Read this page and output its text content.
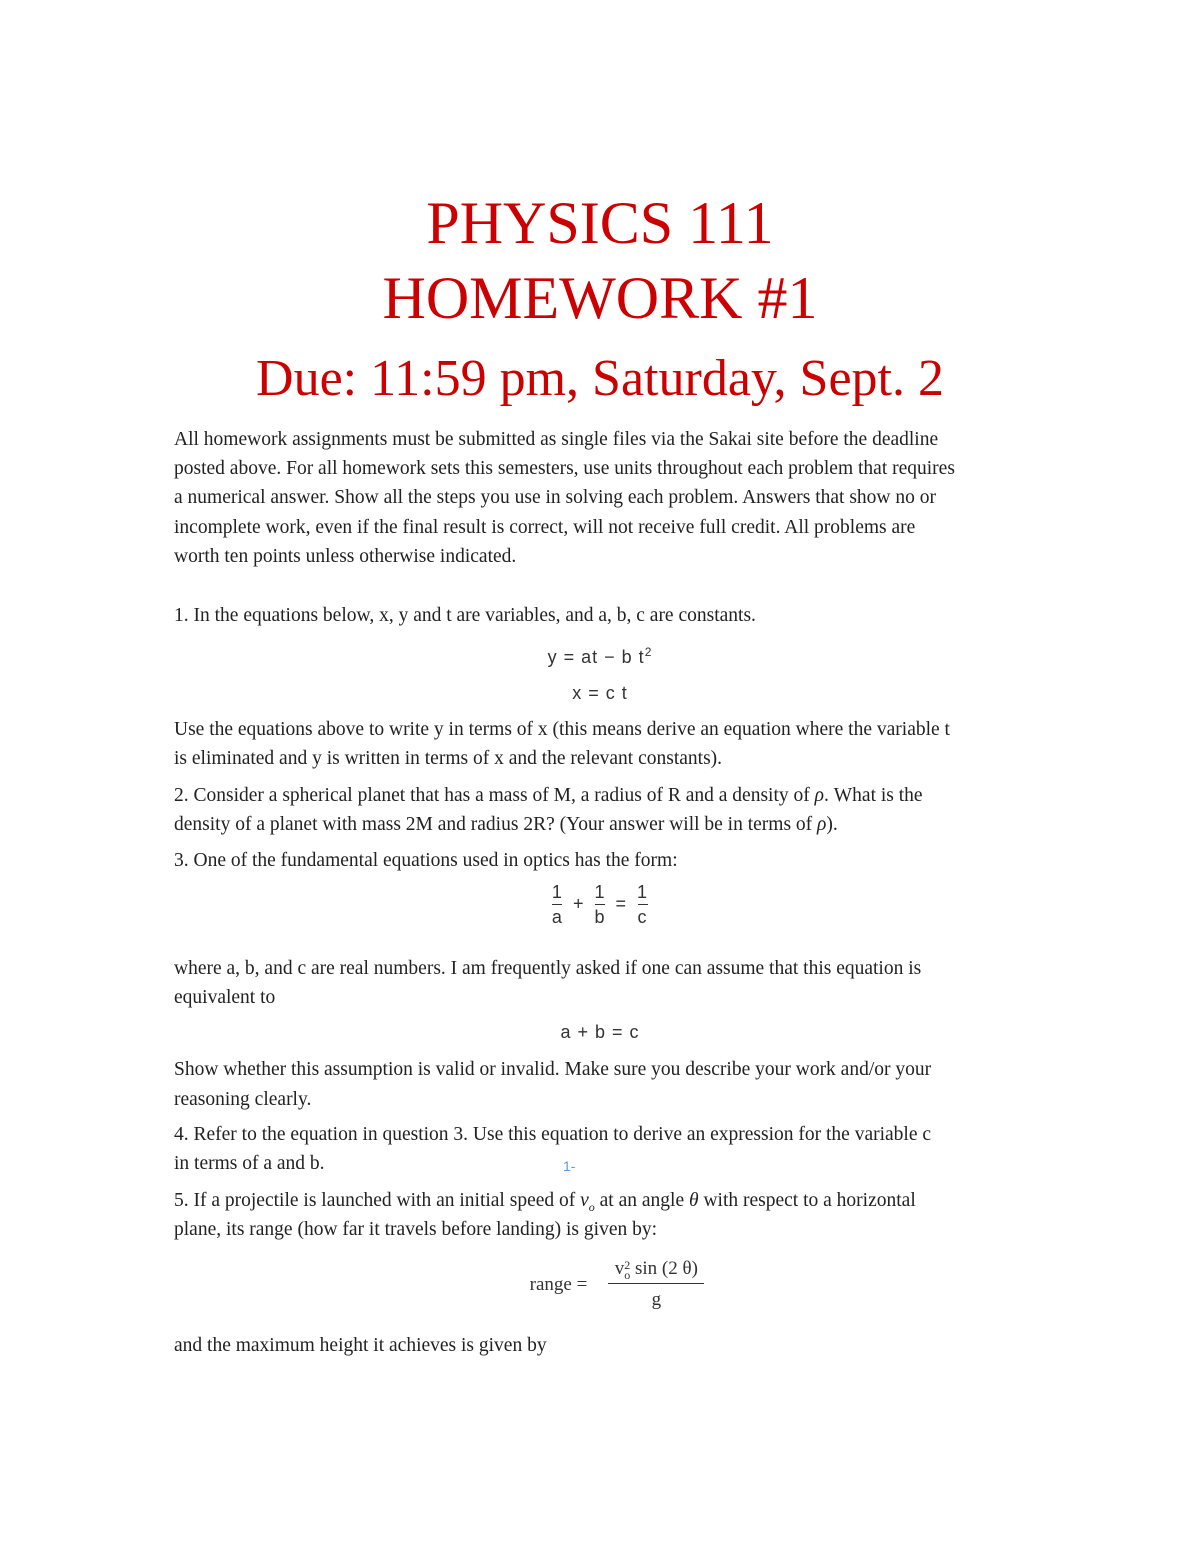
PHYSICS 111
HOMEWORK #1
Due: 11:59 pm, Saturday, Sept. 2
All homework assignments must be submitted as single files via the Sakai site before the deadline
posted above. For all homework sets this semesters, use units throughout each problem that requires
a numerical answer. Show all the steps you use in solving each problem. Answers that show no or
incomplete work, even if the final result is correct, will not receive full credit. All problems are
worth ten points unless otherwise indicated.
1. In the equations below, x, y and t are variables, and a, b, c are constants.
y = at − b $t^2$
x = c t
Use the equations above to write y in terms of x (this means derive an equation where the variable t
is eliminated and y is written in terms of x and the relevant constants).
2. Consider a spherical planet that has a mass of M, a radius of R and a density of ρ. What is the
density of a planet with mass 2M and radius 2R? (Your answer will be in terms of ρ).
3. One of the fundamental equations used in optics has the form:
$\frac{1}{a} + \frac{1}{b} = \frac{1}{c}$
where a, b, and c are real numbers. I am frequently asked if one can assume that this equation is
equivalent to
a + b = c
Show whether this assumption is valid or invalid. Make sure you describe your work and/or your
reasoning clearly.
4. Refer to the equation in question 3. Use this equation to derive an expression for the variable c
in terms of a and b.	1-
5. If a projectile is launched with an initial speed of $v_o$ at an angle θ with respect to a horizontal
plane, its range (how far it travels before landing) is given by:
range = v 2
o sin (2 θ)
g
and the maximum height it achieves is given by
